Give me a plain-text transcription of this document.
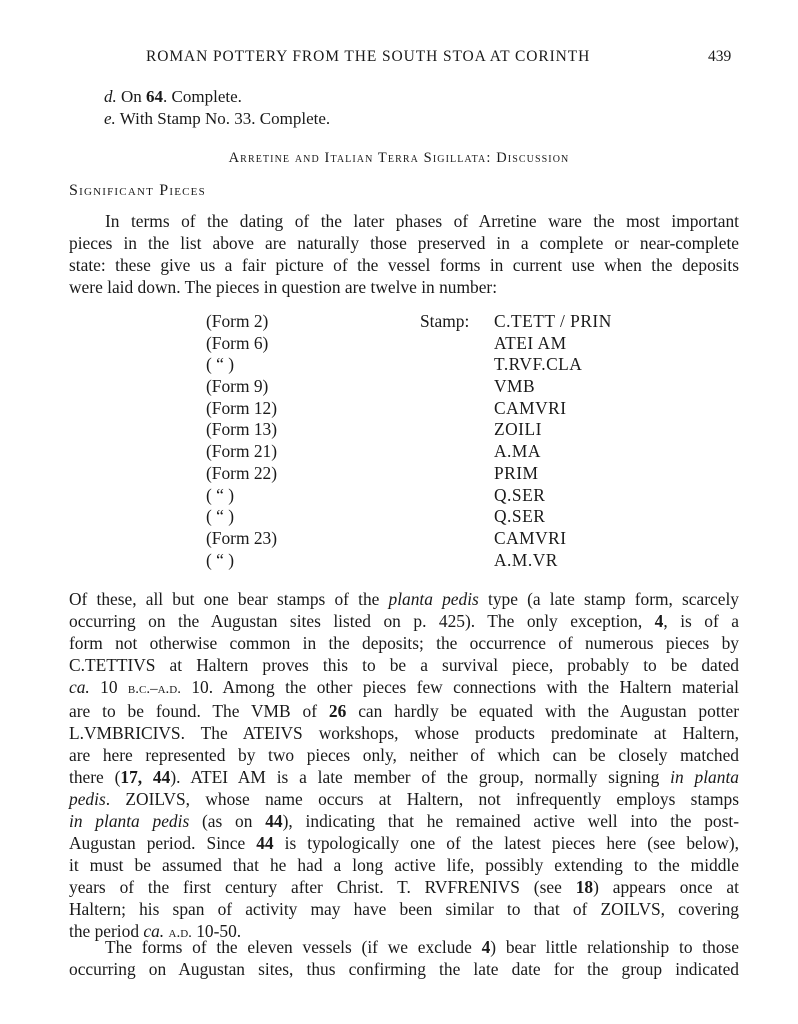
ROMAN POTTERY FROM THE SOUTH STOA AT CORINTH	439
d. On 64. Complete.
e. With Stamp No. 33. Complete.
Arretine and Italian Terra Sigillata: Discussion
Significant Pieces
In terms of the dating of the later phases of Arretine ware the most important
pieces in the list above are naturally those preserved in a complete or near-complete
state: these give us a fair picture of the vessel forms in current use when the deposits
were laid down. The pieces in question are twelve in number:
(Form 2)	Stamp: C.TETT / PRIN
(Form 6)	ATEI AM
( “ )	T.RVF.CLA
(Form 9)	VMB
(Form 12)	CAMVRI
(Form 13)	ZOILI
(Form 21)	A.MA
(Form 22)	PRIM
( “ )	Q.SER
( “ )	Q.SER
(Form 23)	CAMVRI
( “ )	A.M.VR
Of these, all but one bear stamps of the planta pedis type (a late stamp form, scarcely
occurring on the Augustan sites listed on p. 425). The only exception, 4, is of a
form not otherwise common in the deposits; the occurrence of numerous pieces by
C.TETTIVS at Haltern proves this to be a survival piece, probably to be dated
ca. 10 b.c.–a.d. 10. Among the other pieces few connections with the Haltern material
are to be found. The VMB of 26 can hardly be equated with the Augustan potter
L.VMBRICIVS. The ATEIVS workshops, whose products predominate at Haltern,
are here represented by two pieces only, neither of which can be closely matched
there (17, 44). ATEI AM is a late member of the group, normally signing in planta
pedis. ZOILVS, whose name occurs at Haltern, not infrequently employs stamps
in planta pedis (as on 44), indicating that he remained active well into the post-
Augustan period. Since 44 is typologically one of the latest pieces here (see below),
it must be assumed that he had a long active life, possibly extending to the middle
years of the first century after Christ. T. RVFRENIVS (see 18) appears once at
Haltern; his span of activity may have been similar to that of ZOILVS, covering
the period ca. a.d. 10-50.
The forms of the eleven vessels (if we exclude 4) bear little relationship to those
occurring on Augustan sites, thus confirming the late date for the group indicated
